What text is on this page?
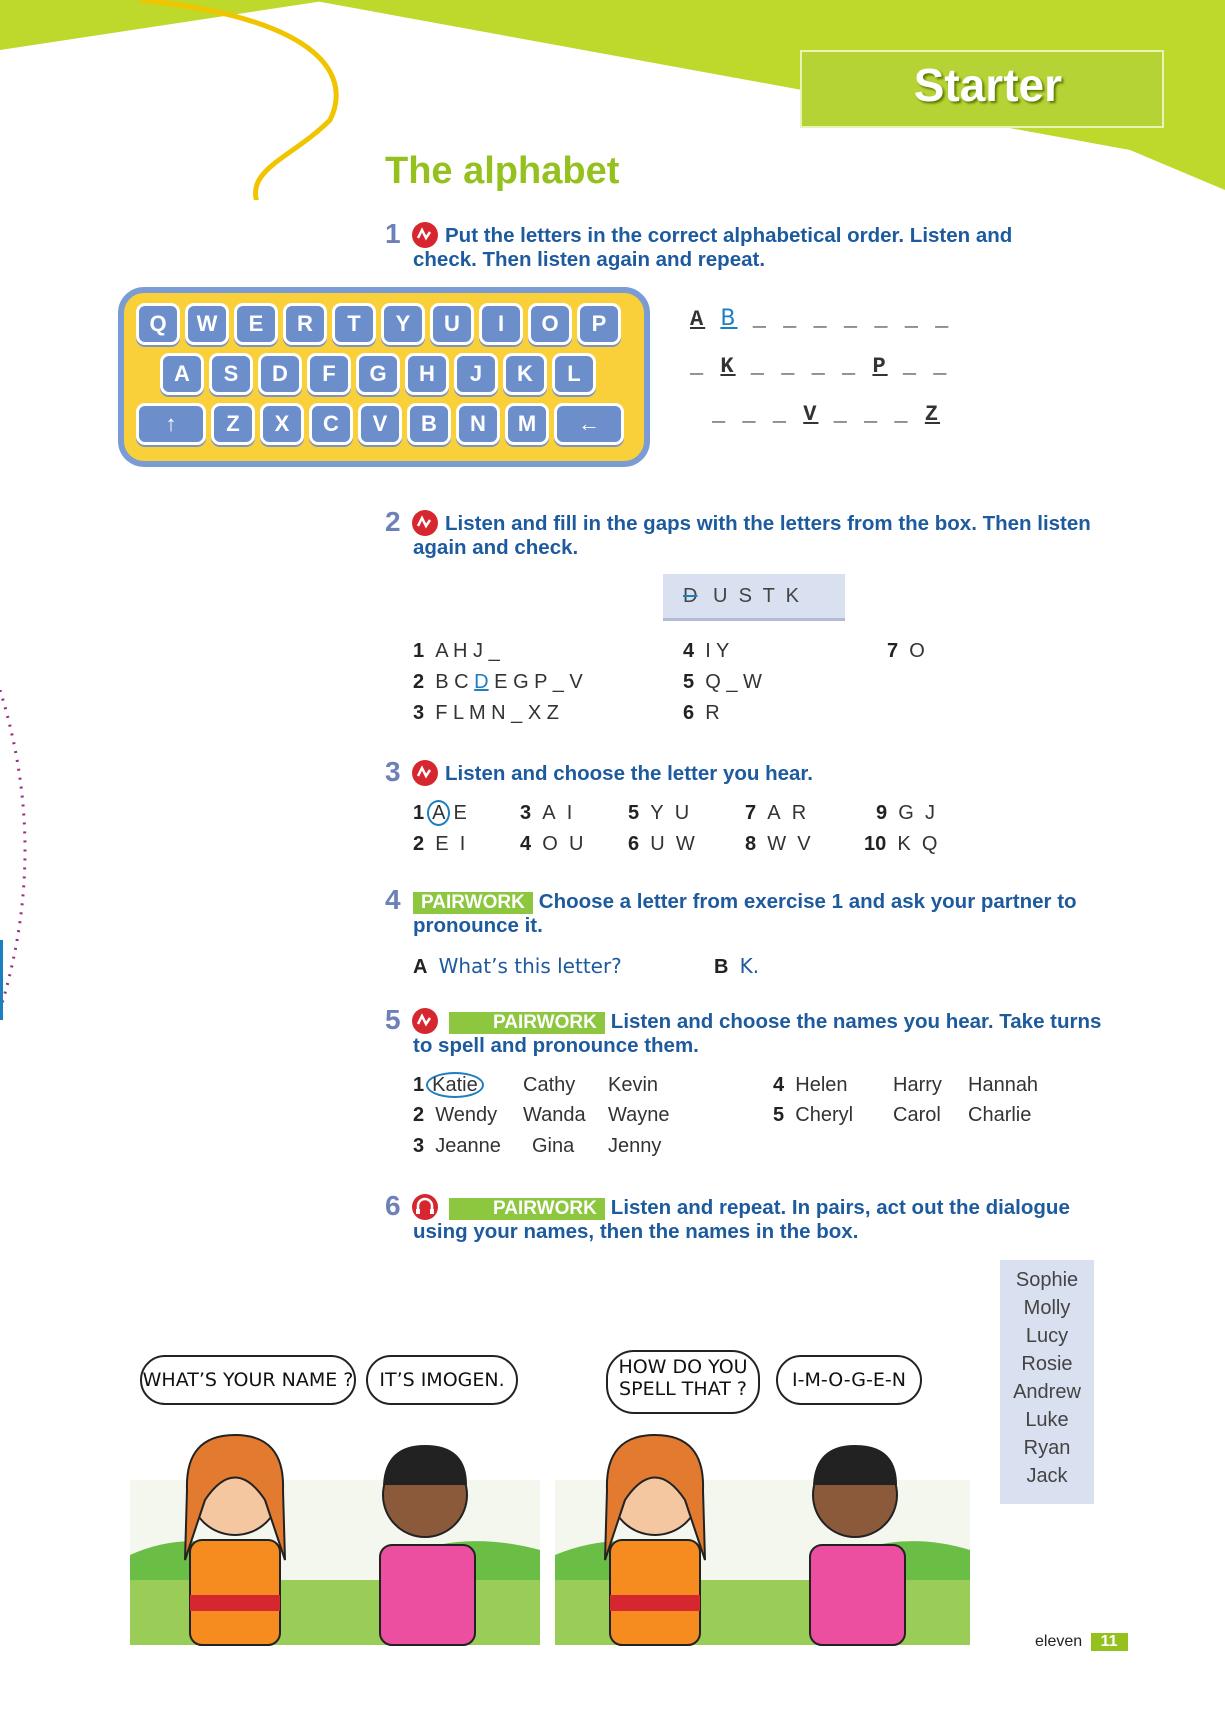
Starter
The alphabet
1	Put the letters in the correct alphabetical order. Listen and check. Then listen again and repeat.
Q	W	E	R	T	Y	U	I	O	P
A	S	D	F	G	H	J	K	L
↑	Z	X	C	V	B	N	M	←
A B _ _ _ _ _ _ _
_ K _ _ _ _ P _ _
_ _ _ V _ _ _ Z
2	Listen and fill in the gaps with the letters from the box. Then listen again and check.
D U  S  T  K
1 A H J _
2 B C D E G P _ V
3 F L M N _ X Z
4 I Y
5 Q _ W
6 R
7 O
3 Listen and choose the letter you hear.
1 A E
2 E I
3 A I
4 O U
5 Y U
6 U W
7 A R
8 W V
9 G J
10 K Q
4	PAIRWORK Choose a letter from exercise 1 and ask your partner to pronounce it.
A What’s this letter?	B K.
5	PAIRWORK Listen and choose the names you hear. Take turns to spell and pronounce them.
1 Katie	Cathy Kevin
2 Wendy Wanda Wayne
3 Jeanne Gina Jenny
4 Helen Harry Hannah
5 Cheryl Carol Charlie
6	PAIRWORK Listen and repeat. In pairs, act out the dialogue using your names, then the names in the box.
Sophie
Molly
Lucy
Rosie
Andrew
Luke
Ryan
Jack
WHAT’S YOUR NAME ?	IT’S IMOGEN.
HOW DO YOU SPELL THAT ?	I-M-O-G-E-N
eleven 11
